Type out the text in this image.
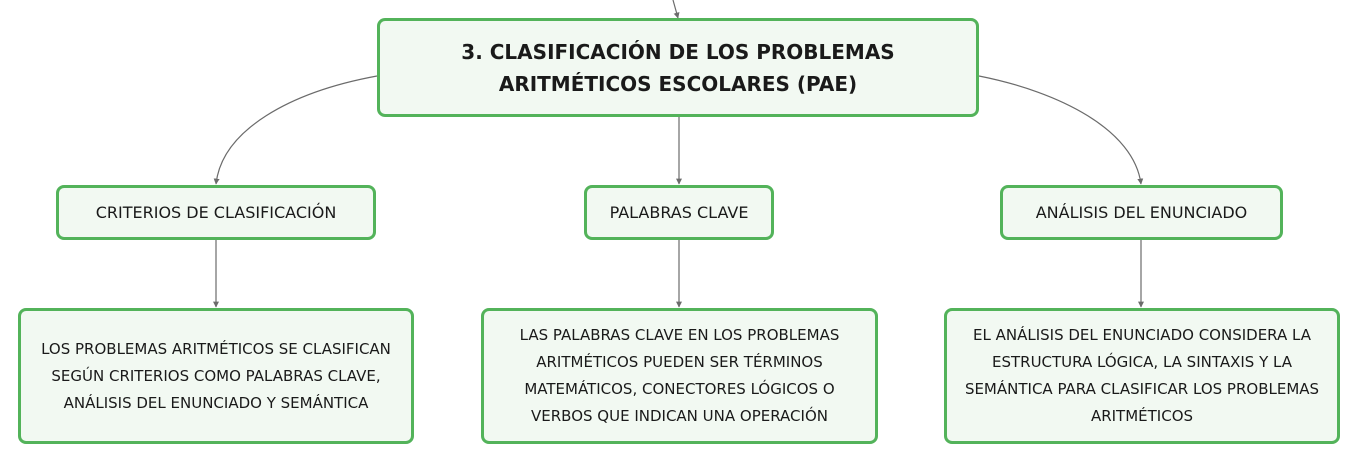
3. CLASIFICACIÓN DE LOS PROBLEMAS ARITMÉTICOS ESCOLARES (PAE)
CRITERIOS DE CLASIFICACIÓN	PALABRAS CLAVE	ANÁLISIS DEL ENUNCIADO
LOS PROBLEMAS ARITMÉTICOS SE CLASIFICAN SEGÚN CRITERIOS COMO PALABRAS CLAVE, ANÁLISIS DEL ENUNCIADO Y SEMÁNTICA
LAS PALABRAS CLAVE EN LOS PROBLEMAS ARITMÉTICOS PUEDEN SER TÉRMINOS MATEMÁTICOS, CONECTORES LÓGICOS O VERBOS QUE INDICAN UNA OPERACIÓN
EL ANÁLISIS DEL ENUNCIADO CONSIDERA LA ESTRUCTURA LÓGICA, LA SINTAXIS Y LA SEMÁNTICA PARA CLASIFICAR LOS PROBLEMAS ARITMÉTICOS
